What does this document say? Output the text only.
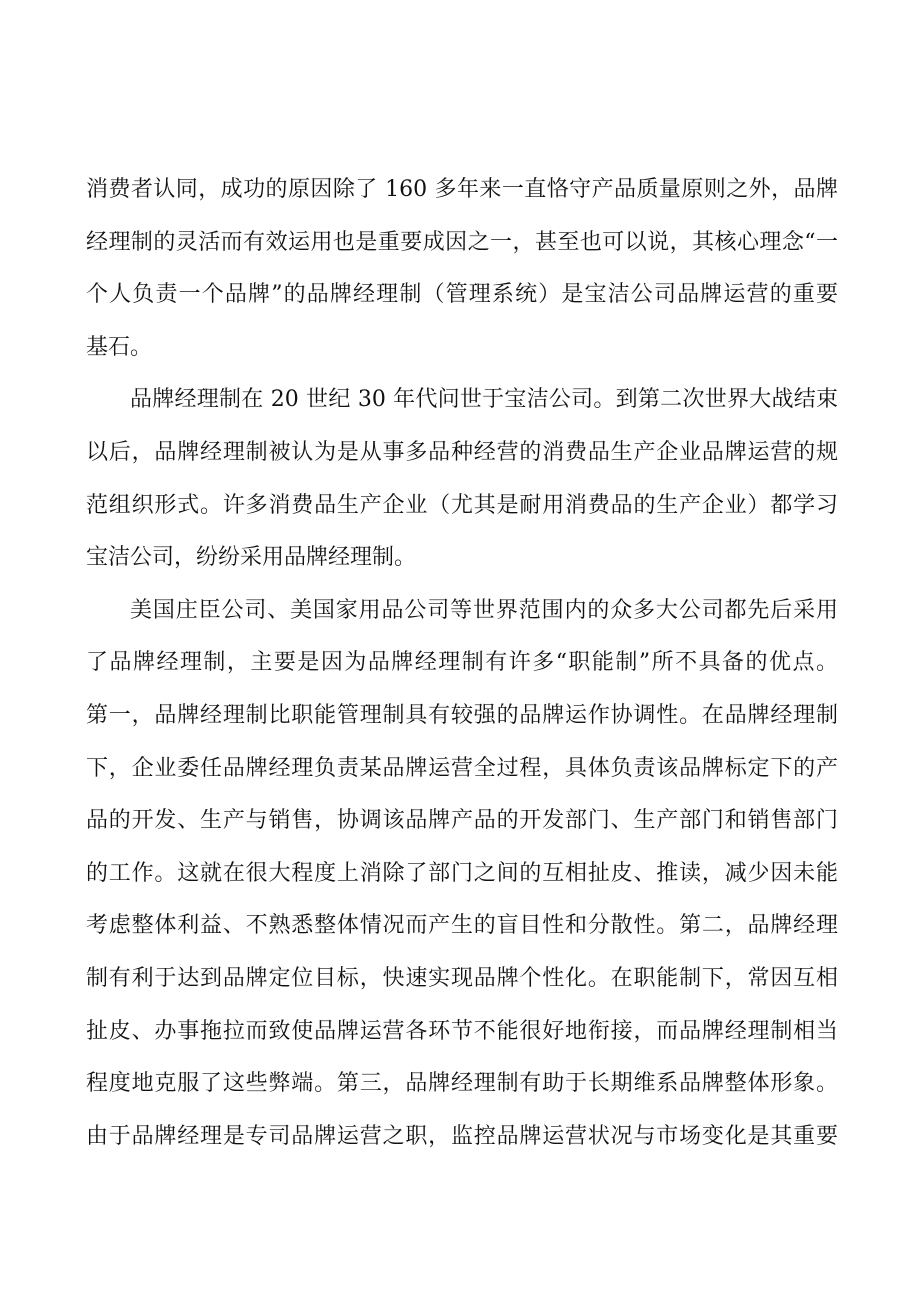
消费者认同，成功的原因除了 160 多年来一直恪守产品质量原则之外，品牌
经理制的灵活而有效运用也是重要成因之一，甚至也可以说，其核心理念“一
个人负责一个品牌”的品牌经理制（管理系统）是宝洁公司品牌运营的重要
基石。
品牌经理制在 20 世纪 30 年代问世于宝洁公司。到第二次世界大战结束
以后，品牌经理制被认为是从事多品种经营的消费品生产企业品牌运营的规
范组织形式。许多消费品生产企业（尤其是耐用消费品的生产企业）都学习
宝洁公司，纷纷采用品牌经理制。
美国庄臣公司、美国家用品公司等世界范围内的众多大公司都先后采用
了品牌经理制，主要是因为品牌经理制有许多“职能制”所不具备的优点。
第一，品牌经理制比职能管理制具有较强的品牌运作协调性。在品牌经理制
下，企业委任品牌经理负责某品牌运营全过程，具体负责该品牌标定下的产
品的开发、生产与销售，协调该品牌产品的开发部门、生产部门和销售部门
的工作。这就在很大程度上消除了部门之间的互相扯皮、推读，减少因未能
考虑整体利益、不熟悉整体情况而产生的盲目性和分散性。第二，品牌经理
制有利于达到品牌定位目标，快速实现品牌个性化。在职能制下，常因互相
扯皮、办事拖拉而致使品牌运营各环节不能很好地衔接，而品牌经理制相当
程度地克服了这些弊端。第三，品牌经理制有助于长期维系品牌整体形象。
由于品牌经理是专司品牌运营之职，监控品牌运营状况与市场变化是其重要
